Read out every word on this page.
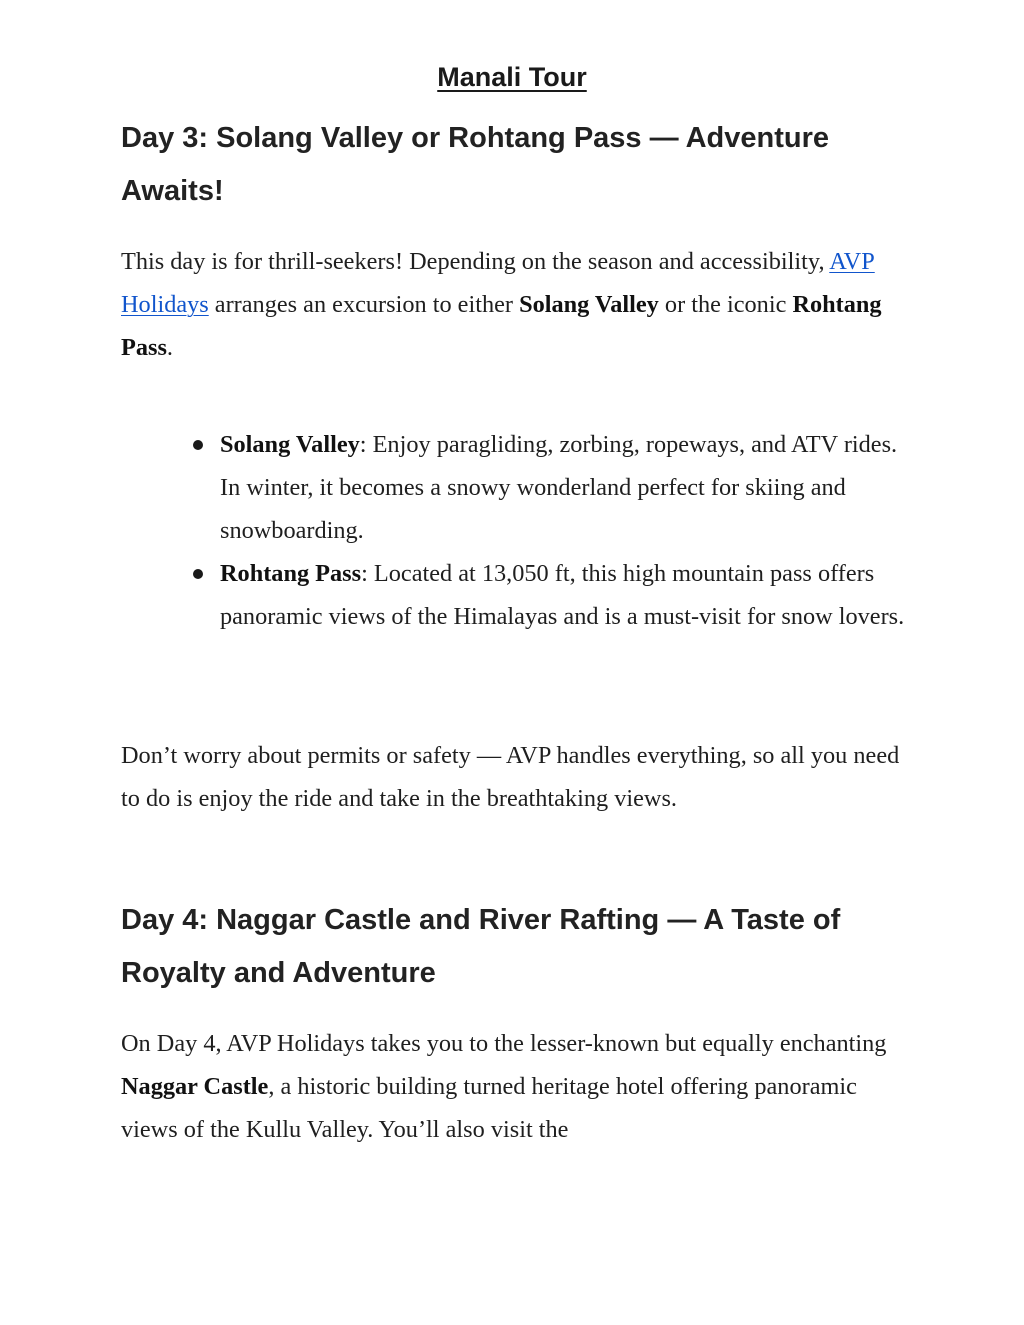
Manali Tour
Day 3: Solang Valley or Rohtang Pass — Adventure Awaits!

This day is for thrill-seekers! Depending on the season and accessibility, AVP Holidays arranges an excursion to either Solang Valley or the iconic Rohtang Pass.

Solang Valley: Enjoy paragliding, zorbing, ropeways, and ATV rides. In winter, it becomes a snowy wonderland perfect for skiing and snowboarding.
Rohtang Pass: Located at 13,050 ft, this high mountain pass offers panoramic views of the Himalayas and is a must-visit for snow lovers.

Don’t worry about permits or safety — AVP handles everything, so all you need to do is enjoy the ride and take in the breathtaking views.

Day 4: Naggar Castle and River Rafting — A Taste of Royalty and Adventure

On Day 4, AVP Holidays takes you to the lesser-known but equally enchanting Naggar Castle, a historic building turned heritage hotel offering panoramic views of the Kullu Valley. You’ll also visit the
